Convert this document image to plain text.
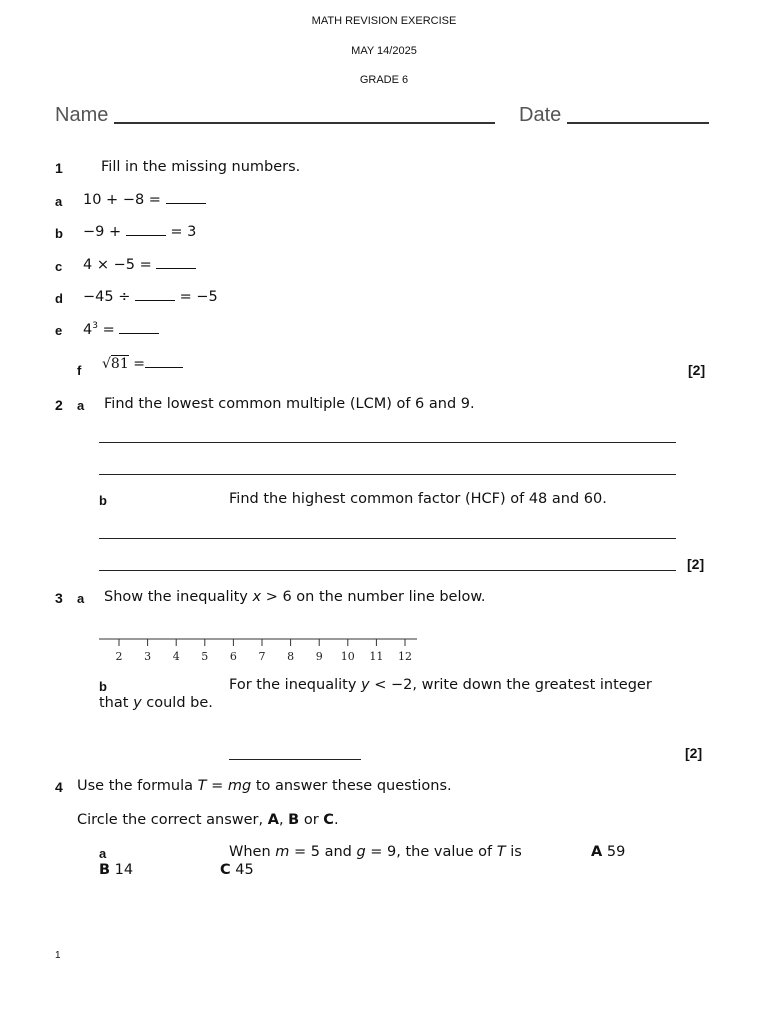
MATH REVISION EXERCISE
MAY 14/2025
GRADE 6
Name	Date
1	Fill in the missing numbers.
a 10 + −8 =
b −9 +	= 3
c 4 × −5 =
d −45 ÷	= −5
e $4^3$ =
f √81 =	[2]
2 a Find the lowest common multiple (LCM) of 6 and 9.
b	Find the highest common factor (HCF) of 48 and 60.
[2]
3 a Show the inequality x > 6 on the number line below.
2 3 4 5 6 7 8 9 10 11 12
b	For the inequality y < −2, write down the greatest integer
that y could be.
[2]
4 Use the formula T = mg to answer these questions.
Circle the correct answer, A, B or C.
a	When m = 5 and g = 9, the value of T is	A 59
B 14	C 45
1
